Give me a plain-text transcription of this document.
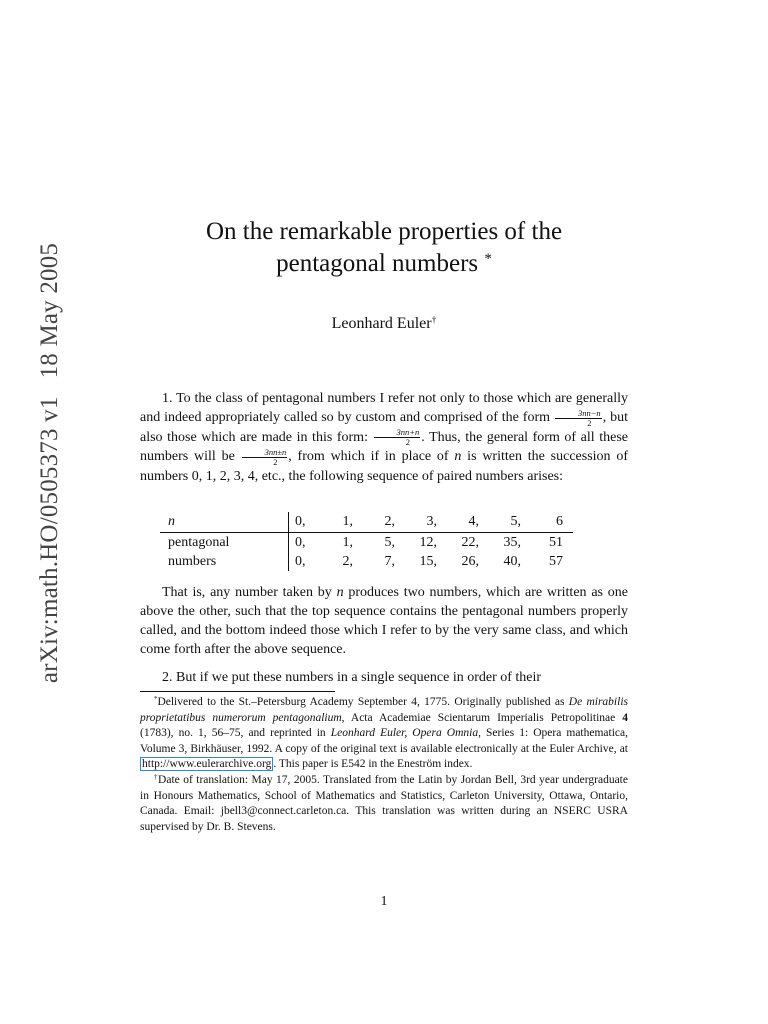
arXiv:math.HO/0505373 v118 May 2005
On the remarkable properties of the
pentagonal numbers *
Leonhard Euler†

1. To the class of pentagonal numbers I refer not only to those which are generally and indeed appropriately called so by custom and comprised of the form $\frac{3nn-n}{2}$ , but also those which are made in this form: $\frac{3nn+n}{2}$ . Thus, the general form of all these numbers will be $\frac{3nn\pm n}{2}$ , from which if in place of n is written the succession of numbers 0, 1, 2, 3, 4, etc., the following sequence of paired numbers arises:

n	0,	1,	2,	3,	4,	5,	6	
pentagonal	0,	1,	5,	12,	22,	35,	51	
numbers	0,	2,	7,	15,	26,	40,	57	

That is, any number taken by n produces two numbers, which are written as one above the other, such that the top sequence contains the pentagonal numbers properly called, and the bottom indeed those which I refer to by the very same class, and which come forth after the above sequence.

2. But if we put these numbers in a single sequence in order of their

*Delivered to the St.–Petersburg Academy September 4, 1775. Originally published as De mirabilis proprietatibus numerorum pentagonalium, Acta Academiae Scientarum Imperialis Petropolitinae 4 (1783), no. 1, 56–75, and reprinted in Leonhard Euler, Opera Omnia, Series 1: Opera mathematica, Volume 3, Birkhäuser, 1992. A copy of the original text is available electronically at the Euler Archive, at http://www.eulerarchive.org . This paper is E542 in the Eneström index.

†Date of translation: May 17, 2005. Translated from the Latin by Jordan Bell, 3rd year undergraduate in Honours Mathematics, School of Mathematics and Statistics, Carleton University, Ottawa, Ontario, Canada. Email: jbell3@connect.carleton.ca. This translation was written during an NSERC USRA supervised by Dr. B. Stevens.

1
